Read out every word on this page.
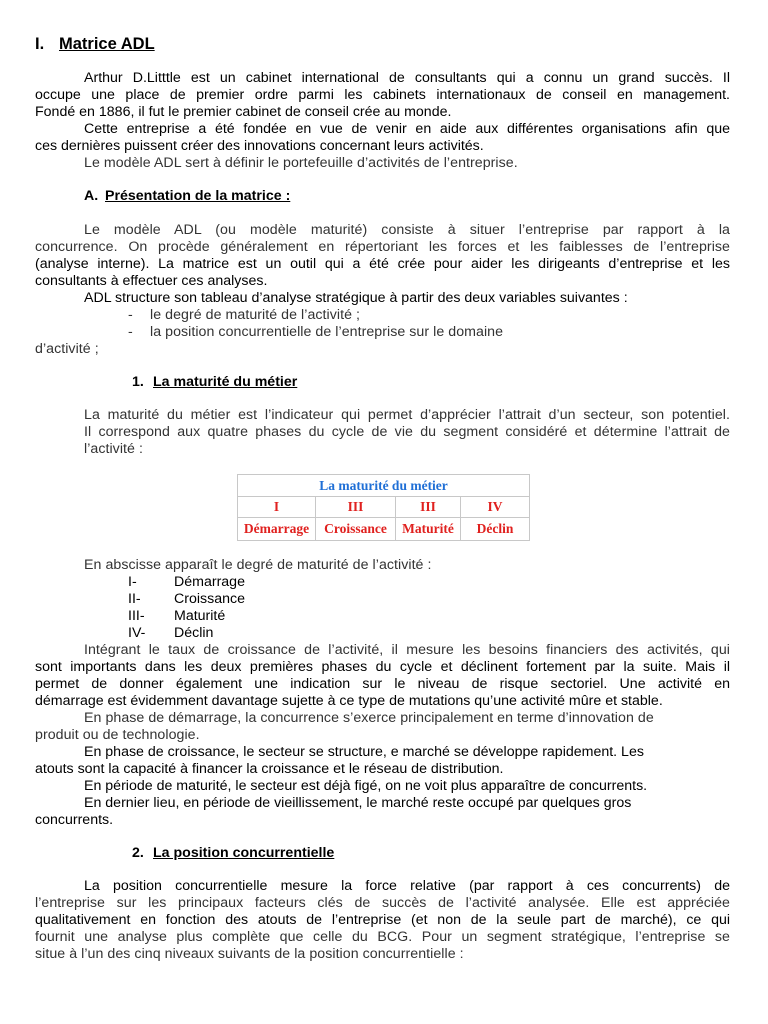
I. Matrice ADL

Arthur D.Litttle est un cabinet international de consultants qui a connu un grand succès. Il

occupe une place de premier ordre parmi les cabinets internationaux de conseil en management.

Fondé en 1886, il fut le premier cabinet de conseil crée au monde.

Cette entreprise a été fondée en vue de venir en aide aux différentes organisations afin que

ces dernières puissent créer des innovations concernant leurs activités.

Le modèle ADL sert à définir le portefeuille d’activités de l’entreprise.

A. Présentation de la matrice :

Le modèle ADL (ou modèle maturité) consiste à situer l’entreprise par rapport à la

concurrence. On procède généralement en répertoriant les forces et les faiblesses de l’entreprise

(analyse interne). La matrice est un outil qui a été crée pour aider les dirigeants d’entreprise et les

consultants à effectuer ces analyses.

ADL structure son tableau d’analyse stratégique à partir des deux variables suivantes :

- le degré de maturité de l’activité ;
- la position concurrentielle de l’entreprise sur le domaine

d’activité ;

1. La maturité du métier

La maturité du métier est l’indicateur qui permet d’apprécier l’attrait d’un secteur, son potentiel.

Il correspond aux quatre phases du cycle de vie du segment considéré et détermine l’attrait de

l’activité :

La maturité du métier			
I	III	III	IV
Démarrage	Croissance	Maturité	Déclin

En abscisse apparaît le degré de maturité de l’activité :

I-	Démarrage
II- Croissance
III- Maturité
IV- Déclin

Intégrant le taux de croissance de l’activité, il mesure les besoins financiers des activités, qui

sont importants dans les deux premières phases du cycle et déclinent fortement par la suite. Mais il

permet de donner également une indication sur le niveau de risque sectoriel. Une activité en

démarrage est évidemment davantage sujette à ce type de mutations qu’une activité mûre et stable.

En phase de démarrage, la concurrence s’exerce principalement en terme d’innovation de

produit ou de technologie.

En phase de croissance, le secteur se structure, e marché se développe rapidement. Les

atouts sont la capacité à financer la croissance et le réseau de distribution.

En période de maturité, le secteur est déjà figé, on ne voit plus apparaître de concurrents.

En dernier lieu, en période de vieillissement, le marché reste occupé par quelques gros

concurrents.

2. La position concurrentielle

La position concurrentielle mesure la force relative (par rapport à ces concurrents) de

l’entreprise sur les principaux facteurs clés de succès de l’activité analysée. Elle est appréciée

qualitativement en fonction des atouts de l’entreprise (et non de la seule part de marché), ce qui

fournit une analyse plus complète que celle du BCG. Pour un segment stratégique, l’entreprise se

situe à l’un des cinq niveaux suivants de la position concurrentielle :
